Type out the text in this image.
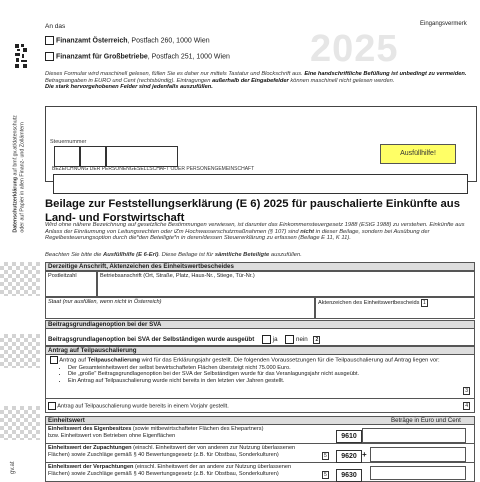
Datenschutzerklärung auf bmf.gv.at/datenschutz oder auf Papier in allen Finanz- und Zollämtern
gv.at
An das	Eingangsvermerk
2025
Finanzamt Österreich, Postfach 260, 1000 Wien
Finanzamt für Großbetriebe, Postfach 251, 1000 Wien
Dieses Formular wird maschinell gelesen, füllen Sie es daher nur mittels Tastatur und Blockschrift aus. Eine handschriftliche Befüllung ist unbedingt zu vermeiden. Betragsangaben in EURO und Cent (rechtsbündig). Eintragungen außerhalb der Eingabefelder können maschinell nicht gelesen werden.
Die stark hervorgehobenen Felder sind jedenfalls auszufüllen.
Steuernummer
Ausfüllhilfe!
BEZEICHNUNG DER PERSONENGESELLSCHAFT ODER PERSONENGEMEINSCHAFT
Beilage zur Feststellungserklärung (E 6) 2025 für pauschalierte Einkünfte aus Land- und Forstwirtschaft
Wird ohne nähere Bezeichnung auf gesetzliche Bestimmungen verwiesen, ist darunter das Einkommensteuergesetz 1988 (EStG 1988) zu verstehen. Einkünfte aus Anlass der Einräumung von Leitungsrechten oder iZm Hochwasserschutzmaßnahmen (§ 107) sind nicht in dieser Beilage, sondern bei Ausübung der Regelbesteuerungsoption durch die*den Beteiligte*n in deren/dessen Steuererklärung zu erfassen (Beilage E 11, K 11).
Beachten Sie bitte die Ausfüllhilfe (E 6-Erl). Diese Beilage ist für sämtliche Beteiligte auszufüllen.
Derzeitige Anschrift, Aktenzeichen des Einheitswertbescheides
Postleitzahl	Betriebsanschrift (Ort, Straße, Platz, Haus-Nr., Stiege, Tür-Nr.)
Staat (nur ausfüllen, wenn nicht in Österreich)	Aktenzeichen des Einheitswertbescheids 1
Beitragsgrundlagenoption bei der SVA
Beitragsgrundlagenoption bei SVA der Selbständigen wurde ausgeübt	ja	nein 2
Antrag auf Teilpauschalierung
Antrag auf Teilpauschalierung wird für das Erklärungsjahr gestellt. Die folgenden Voraussetzungen für die Teilpauschalierung auf Antrag liegen vor:
• Der Gesamteinheitswert der selbst bewirtschafteten Flächen übersteigt nicht 75.000 Euro.
• Die „große" Beitragsgrundlagenoption bei der SVA der Selbständigen wurde für das Veranlagungsjahr nicht ausgeübt.
• Ein Antrag auf Teilpauschalierung wurde nicht bereits in den letzten vier Jahren gestellt.
3
Antrag auf Teilpauschalierung wurde bereits in einem Vorjahr gestellt.	4
Einheitswert	Beträge in Euro und Cent
Einheitswert des Eigenbesitzes (sowie mitbewirtschafteter Flächen des Ehepartners)
bzw. Einheitswert von Betrieben ohne Eigenflächen	9610
Einheitswert der Zupachtungen (einschl. Einheitswert der von anderen zur Nutzung überlassenen
Flächen) sowie Zuschläge gemäß § 40 Bewertungsgesetz (z.B. für Obstbau, Sonderkulturen)	5	9620 +
Einheitswert der Verpachtungen (einschl. Einheitswert der an andere zur Nutzung überlassenen
Flächen) sowie Zuschläge gemäß § 40 Bewertungsgesetz (z.B. für Obstbau, Sonderkulturen)	5	9630
